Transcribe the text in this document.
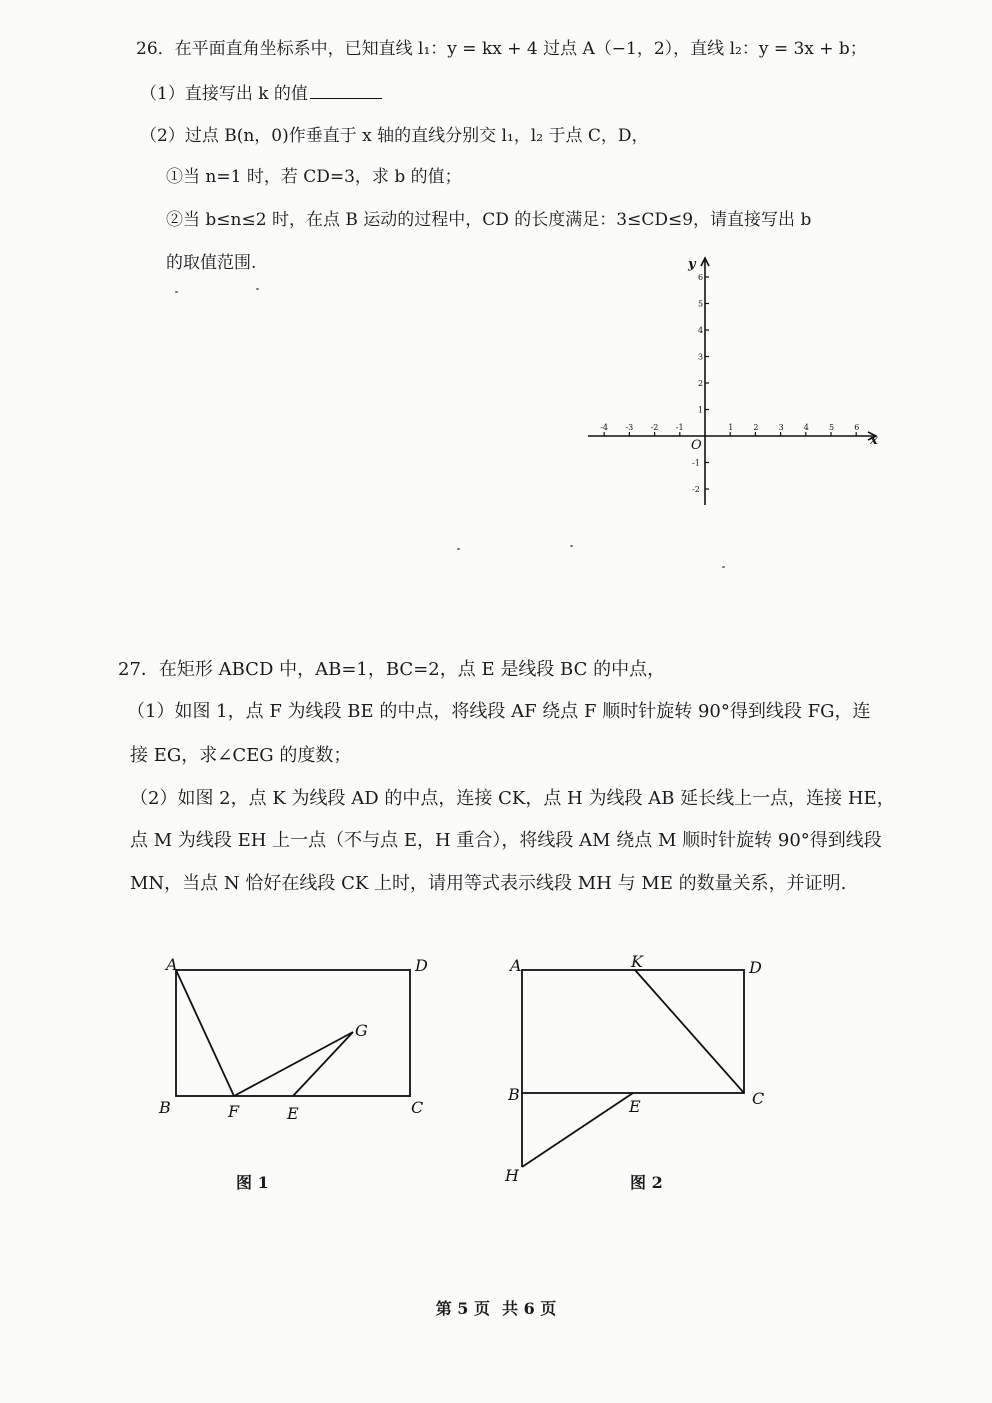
26．在平面直角坐标系中，已知直线 l₁：y = kx + 4 过点 A（−1，2），直线 l₂：y = 3x + b；
（1）直接写出 k 的值
（2）过点 B(n，0)作垂直于 x 轴的直线分别交 l₁，l₂ 于点 C，D，
①当 n=1 时，若 CD=3，求 b 的值；
②当 b≤n≤2 时，在点 B 运动的过程中，CD 的长度满足：3≤CD≤9，请直接写出 b
的取值范围.
-4 -3 -2 -1	1	2	3	4	5	6
6
5
4
3
2
1
-1
-2
x
y
O
27．在矩形 ABCD 中，AB=1，BC=2，点 E 是线段 BC 的中点，
（1）如图 1，点 F 为线段 BE 的中点，将线段 AF 绕点 F 顺时针旋转 90°得到线段 FG，连
接 EG，求∠CEG 的度数；
（2）如图 2，点 K 为线段 AD 的中点，连接 CK，点 H 为线段 AB 延长线上一点，连接 HE，
点 M 为线段 EH 上一点（不与点 E，H 重合），将线段 AM 绕点 M 顺时针旋转 90°得到线段
MN，当点 N 恰好在线段 CK 上时，请用等式表示线段 MH 与 ME 的数量关系，并证明.
A	D
B	F	E	C
G
图 1
A	K	D
B
E	C
H	图 2
第 5 页 共 6 页
